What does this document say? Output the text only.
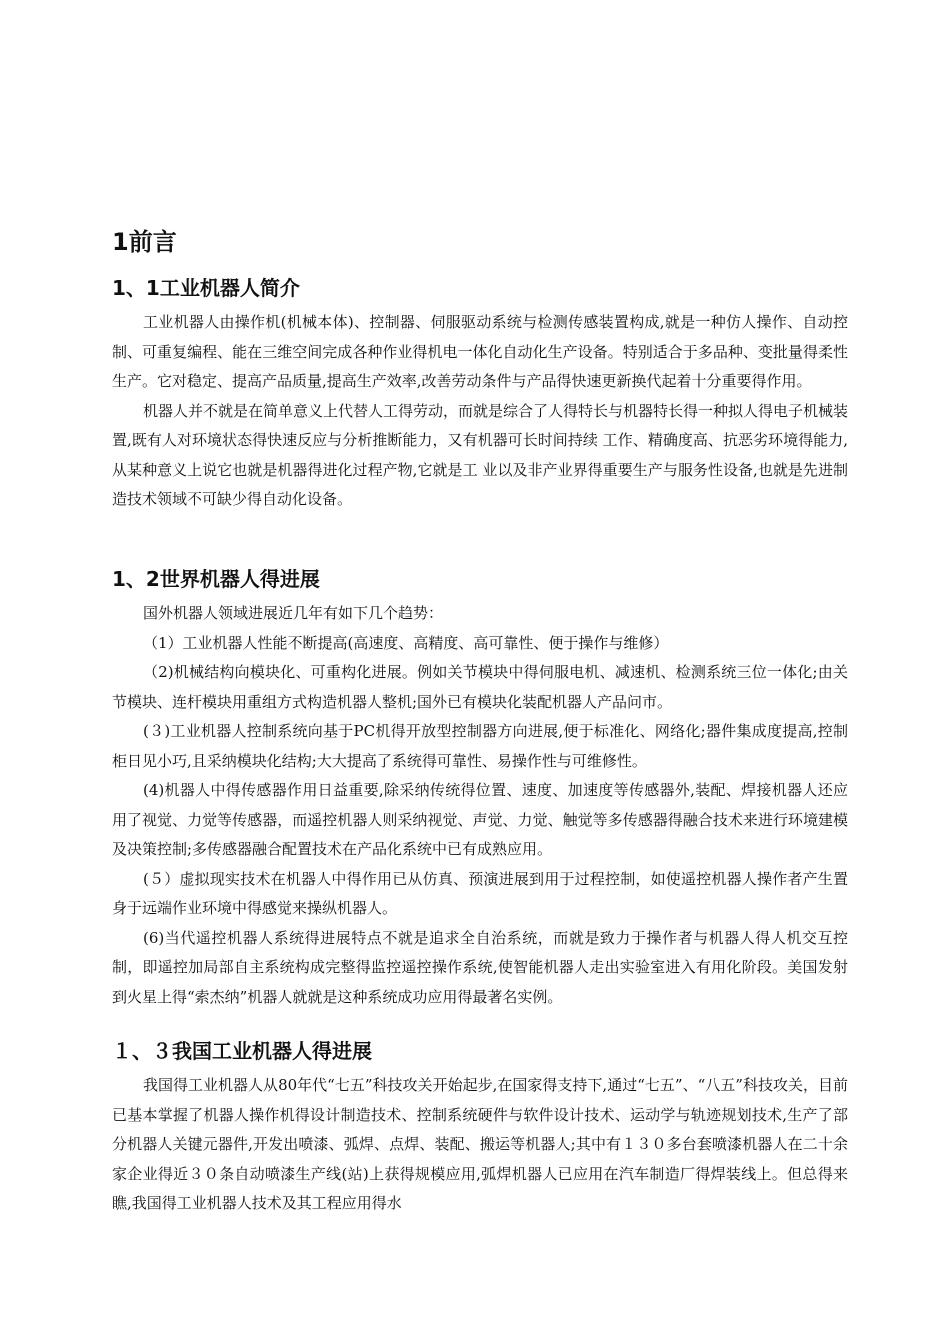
1前言
1、1工业机器人简介

工业机器人由操作机(机械本体)、控制器、伺服驱动系统与检测传感装置构成,就是一种仿人操作、自动控制、可重复编程、能在三维空间完成各种作业得机电一体化自动化生产设备。特别适合于多品种、变批量得柔性生产。它对稳定、提高产品质量,提高生产效率,改善劳动条件与产品得快速更新换代起着十分重要得作用。

机器人并不就是在简单意义上代替人工得劳动，而就是综合了人得特长与机器特长得一种拟人得电子机械装置,既有人对环境状态得快速反应与分析推断能力，又有机器可长时间持续 工作、精确度高、抗恶劣环境得能力,从某种意义上说它也就是机器得进化过程产物,它就是工 业以及非产业界得重要生产与服务性设备,也就是先进制造技术领域不可缺少得自动化设备。

1、2世界机器人得进展

国外机器人领域进展近几年有如下几个趋势：

（1）工业机器人性能不断提高(高速度、高精度、高可靠性、便于操作与维修）

（2)机械结构向模块化、可重构化进展。例如关节模块中得伺服电机、减速机、检测系统三位一体化;由关节模块、连杆模块用重组方式构造机器人整机;国外已有模块化装配机器人产品问市。

(３)工业机器人控制系统向基于PC机得开放型控制器方向进展,便于标准化、网络化;器件集成度提高,控制柜日见小巧,且采纳模块化结构;大大提高了系统得可靠性、易操作性与可维修性。

(4)机器人中得传感器作用日益重要,除采纳传统得位置、速度、加速度等传感器外,装配、焊接机器人还应用了视觉、力觉等传感器，而遥控机器人则采纳视觉、声觉、力觉、触觉等多传感器得融合技术来进行环境建模及决策控制;多传感器融合配置技术在产品化系统中已有成熟应用。

(５）虚拟现实技术在机器人中得作用已从仿真、预演进展到用于过程控制，如使遥控机器人操作者产生置身于远端作业环境中得感觉来操纵机器人。

(6)当代遥控机器人系统得进展特点不就是追求全自治系统，而就是致力于操作者与机器人得人机交互控制，即遥控加局部自主系统构成完整得监控遥控操作系统,使智能机器人走出实验室进入有用化阶段。美国发射到火星上得“索杰纳”机器人就就是这种系统成功应用得最著名实例。

１、３我国工业机器人得进展

我国得工业机器人从80年代“七五”科技攻关开始起步,在国家得支持下,通过“七五”、“八五”科技攻关，目前已基本掌握了机器人操作机得设计制造技术、控制系统硬件与软件设计技术、运动学与轨迹规划技术,生产了部分机器人关键元器件,开发出喷漆、弧焊、点焊、装配、搬运等机器人;其中有１３０多台套喷漆机器人在二十余家企业得近３０条自动喷漆生产线(站)上获得规模应用,弧焊机器人已应用在汽车制造厂得焊装线上。但总得来瞧,我国得工业机器人技术及其工程应用得水
